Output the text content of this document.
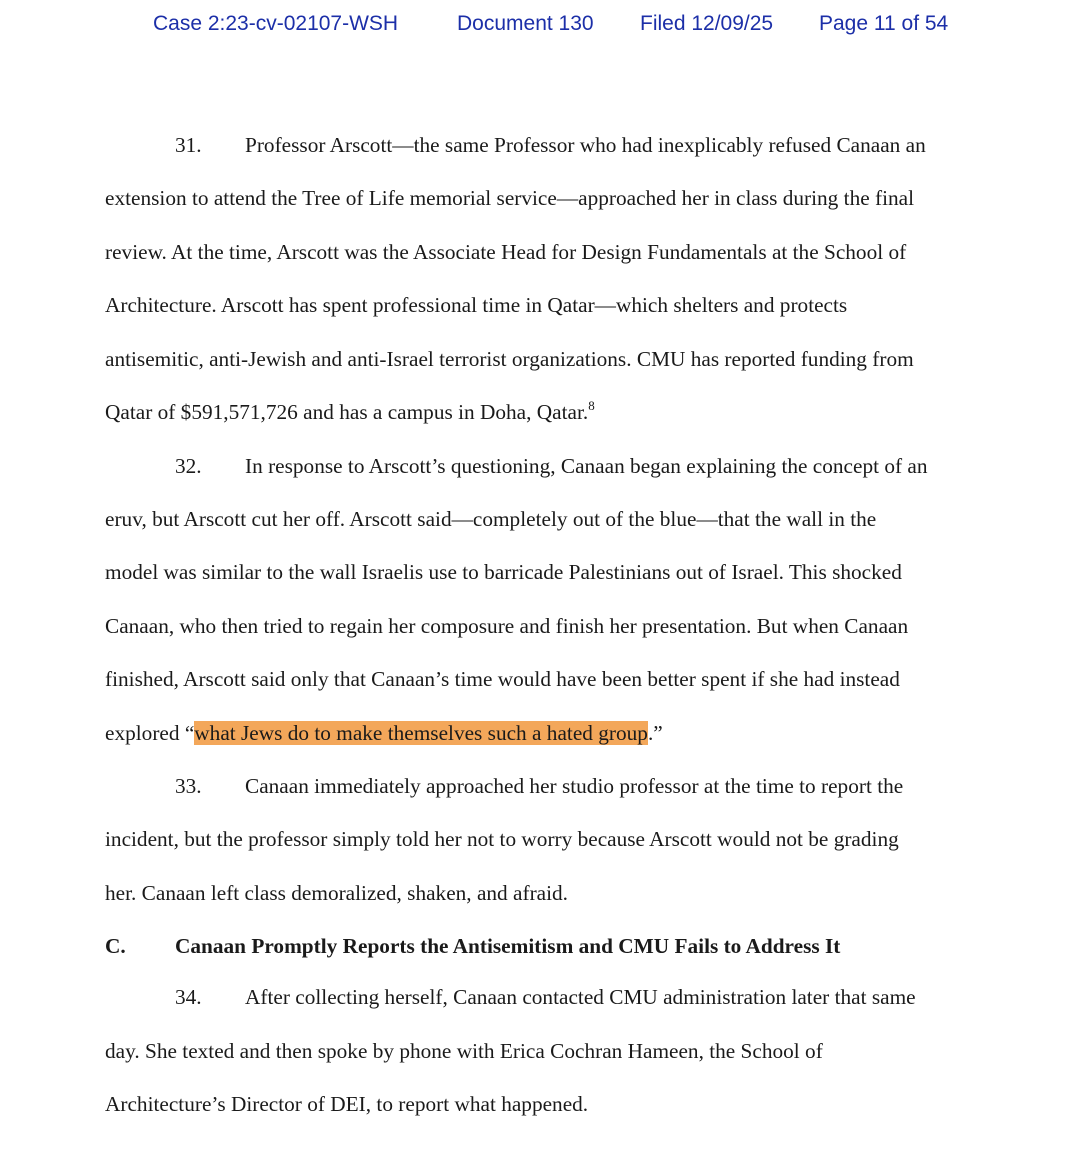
Case 2:23-cv-02107-WSH	Document 130 Filed 12/09/25 Page 11 of 54
31. Professor Arscott—the same Professor who had inexplicably refused Canaan an
extension to attend the Tree of Life memorial service—approached her in class during the final
review. At the time, Arscott was the Associate Head for Design Fundamentals at the School of
Architecture. Arscott has spent professional time in Qatar—which shelters and protects
antisemitic, anti-Jewish and anti-Israel terrorist organizations. CMU has reported funding from
Qatar of $591,571,726 and has a campus in Doha, Qatar.$^8$
32. In response to Arscott’s questioning, Canaan began explaining the concept of an
eruv, but Arscott cut her off. Arscott said—completely out of the blue—that the wall in the
model was similar to the wall Israelis use to barricade Palestinians out of Israel. This shocked
Canaan, who then tried to regain her composure and finish her presentation. But when Canaan
finished, Arscott said only that Canaan’s time would have been better spent if she had instead
explored “what Jews do to make themselves such a hated group.”
33. Canaan immediately approached her studio professor at the time to report the
incident, but the professor simply told her not to worry because Arscott would not be grading
her. Canaan left class demoralized, shaken, and afraid.
C. Canaan Promptly Reports the Antisemitism and CMU Fails to Address It
34. After collecting herself, Canaan contacted CMU administration later that same
day. She texted and then spoke by phone with Erica Cochran Hameen, the School of
Architecture’s Director of DEI, to report what happened.
